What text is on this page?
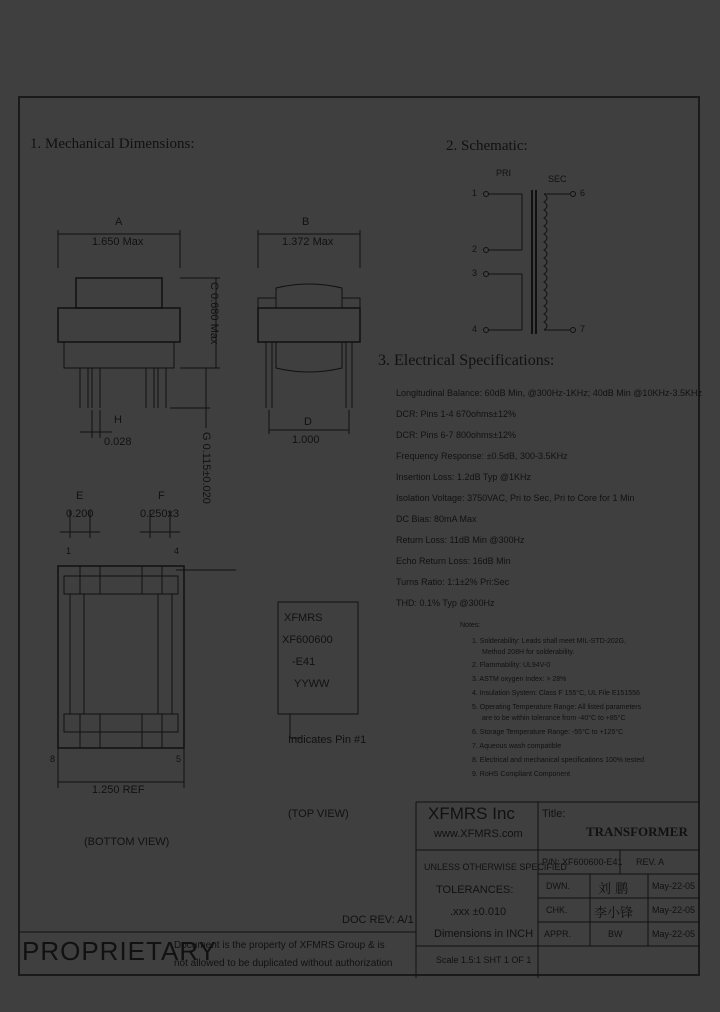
1. Mechanical Dimensions:	2. Schematic:
3. Electrical Specifications:
A
1.650 Max
C 0.680 Max
H
0.028	G 0.115±0.020
B
1.372 Max
D
1.000
E
0.200
F
0.250x3
1	4
8	5
1.250 REF
(BOTTOM VIEW)
XFMRS
XF600600
-E41
YYWW
Indicates Pin #1
(TOP VIEW)
PRI
SEC
1
2
3
4
6
7
Longitudinal Balance: 60dB Min, @300Hz-1KHz; 40dB Min @10KHz-3.5KHz
DCR: Pins 1-4 670ohms±12%
DCR: Pins 6-7 800ohms±12%
Frequency Response: ±0.5dB, 300-3.5KHz
Insertion Loss: 1.2dB Typ @1KHz
Isolation Voltage: 3750VAC, Pri to Sec, Pri to Core for 1 Min
DC Bias: 80mA Max
Return Loss: 11dB Min @300Hz
Echo Return Loss: 16dB Min
Turns Ratio: 1:1±2% Pri:Sec
THD: 0.1% Typ @300Hz
Notes:
1. Solderability: Leads shall meet MIL-STD-202G,
Method 208H for solderability.
2. Flammability: UL94V-0
3. ASTM oxygen Index: > 28%
4. Insulation System: Class F 155°C, UL File E151556
5. Operating Temperature Range: All listed parameters
are to be within tolerance from -40°C to +85°C
6. Storage Temperature Range: -55°C to +125°C
7. Aqueous wash compatible
8. Electrical and mechanical specifications 100% tested
9. RoHS Compliant Component
XFMRS Inc
www.XFMRS.com
Title:
TRANSFORMER
UNLESS OTHERWISE SPECIFIED
TOLERANCES:
.xxx ±0.010
Dimensions in INCH
P/N: XF600600-E41 REV. A
DWN. 刘 鹏	May-22-05
CHK. 李小锋 May-22-05
APPR.	BW	May-22-05
Scale 1.5:1 SHT 1 OF 1
DOC REV: A/1
PROPRIETARY
Document is the property of XFMRS Group & is
not allowed to be duplicated without authorization
